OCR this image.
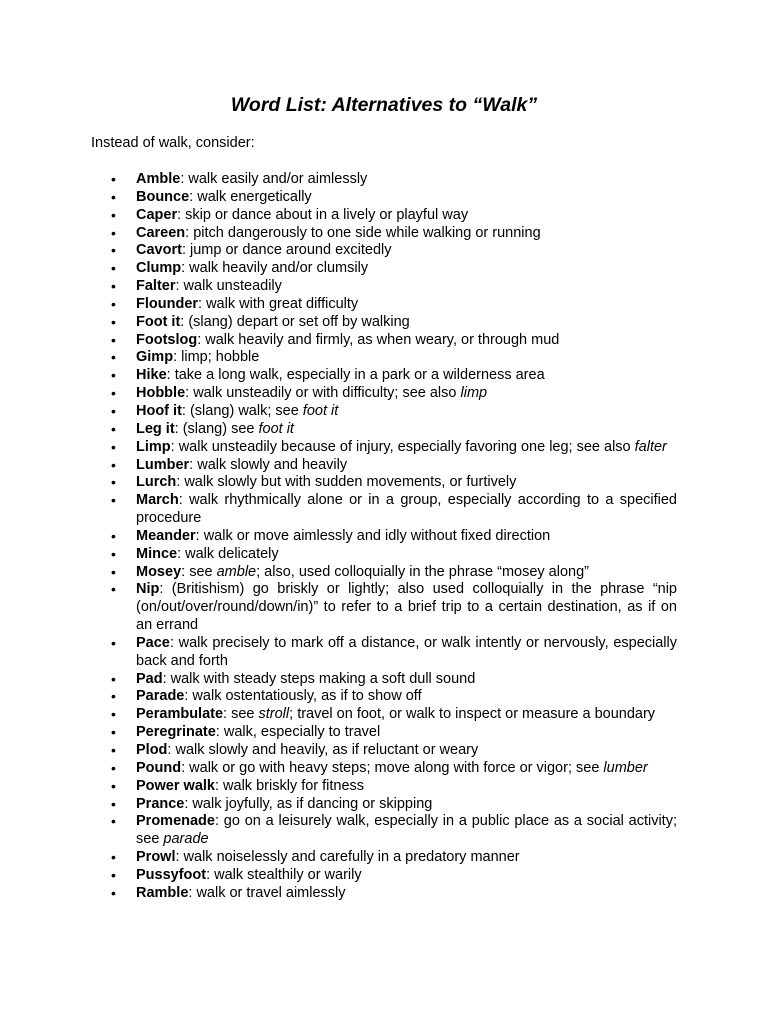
Word List: Alternatives to “Walk”

Instead of walk, consider:

• Amble: walk easily and/or aimlessly
• Bounce: walk energetically
• Caper: skip or dance about in a lively or playful way
• Careen: pitch dangerously to one side while walking or running
• Cavort: jump or dance around excitedly
• Clump: walk heavily and/or clumsily
• Falter: walk unsteadily
• Flounder: walk with great difficulty
• Foot it: (slang) depart or set off by walking
• Footslog: walk heavily and firmly, as when weary, or through mud
• Gimp: limp; hobble
• Hike: take a long walk, especially in a park or a wilderness area
• Hobble: walk unsteadily or with difficulty; see also limp
• Hoof it: (slang) walk; see foot it
• Leg it: (slang) see foot it
• Limp: walk unsteadily because of injury, especially favoring one leg; see also falter
• Lumber: walk slowly and heavily
• Lurch: walk slowly but with sudden movements, or furtively
• March: walk rhythmically alone or in a group, especially according to a specified procedure
• Meander: walk or move aimlessly and idly without fixed direction
• Mince: walk delicately
• Mosey: see amble; also, used colloquially in the phrase “mosey along”
• Nip: (Britishism) go briskly or lightly; also used colloquially in the phrase “nip (on/out/over/round/down/in)” to refer to a brief trip to a certain destination, as if on an errand
• Pace: walk precisely to mark off a distance, or walk intently or nervously, especially back and forth
• Pad: walk with steady steps making a soft dull sound
• Parade: walk ostentatiously, as if to show off
• Perambulate: see stroll; travel on foot, or walk to inspect or measure a boundary
• Peregrinate: walk, especially to travel
• Plod: walk slowly and heavily, as if reluctant or weary
• Pound: walk or go with heavy steps; move along with force or vigor; see lumber
• Power walk: walk briskly for fitness
• Prance: walk joyfully, as if dancing or skipping
• Promenade: go on a leisurely walk, especially in a public place as a social activity; see parade
• Prowl: walk noiselessly and carefully in a predatory manner
• Pussyfoot: walk stealthily or warily
• Ramble: walk or travel aimlessly
